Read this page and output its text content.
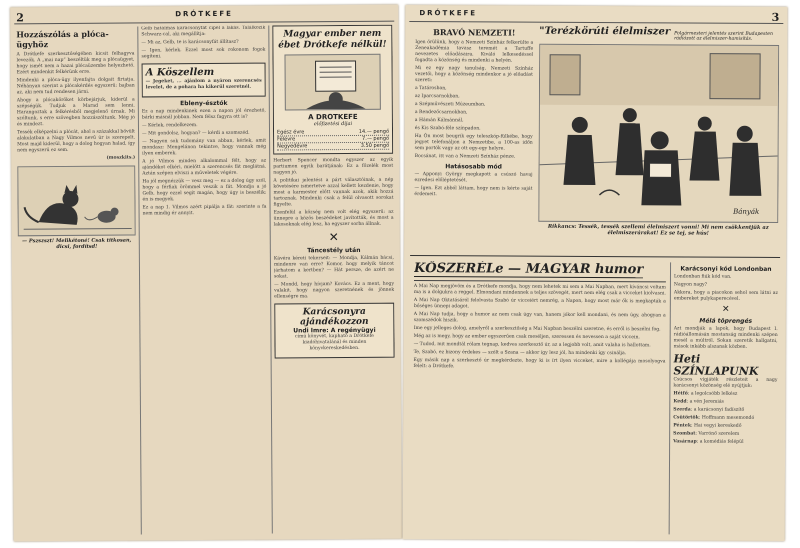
2	DRÓTKEFE
Hozzászólás a plóca-ügyhöz

A Drótkefe szerkesztőségében kicsit felhagyva levezök. A „mai nap” beszéltük meg a plócaügyet, hogy ismét nem a hazai plócaüzembe helyezhető. Ezért mindenkit felkérünk erre.

Mindenki a plóca-ügy ilyenfajta dolgait firtatja. Néhányan szerint a plócakérdés egyszerű: bajban az, aki nem tud rendesen járni.

Ahogy a plócaköröket körbejárjuk, kiderül a szépségük. Tudjuk a Marad sem lenni. Harangoztak a felkérésből megjelenő úrnak. Mi szóltunk, s erre szövegben hozzászóltunk. Még jó és mindezt.

Tessék elképzelni a plócát, ahol a százakkal bővült alakulatban a Nagy Vilmos nevű úr is szerepelt. Most majd kiderül, hogy a dolog hogyan halad, így nem egyszerű ez sem.

(moszkits.)

— Pszszszt! Melikétoné! Csak titkosan, dicsi, fordítsd!

Gelb hatalmas karácsonyfát cipel a lakás. Találkozik Schwarz-cal, aki megállítja:

— Mi az, Gelb, te is karácsonyfát állítasz?

— Igen, kérlek. Ezzel most sok rokonom fogok segíteni.

A Köszellem

— Jegeket, ... ajánlom a nyáron szerencsés levelet, de a pohara ha kikerül szeretnél.

Ebleny-észtók

Ez a nap mindenkinek ezen a napon jól érezhető, bárki másnál jobban. Nem félsz fagyra ott is?

— Kérlek, rendelkezem.

— Mit gondolsz, hogyan? — kérdi a szomszéd.

— Nagyon sok tudomány van abban, kérlek, amit mondasz: Mengelánon tekintve, hogy vannak még ilyen emberek.

A jó Vilmos minden alkalommal félt, hogy az ajándékot elkéri, mielőtt a szerencsés fát meglátná. Aztán szépen elviszi a műveletek végére.

Ha jól megnézzük — vesz meg — ez a dolog úgy szól, hogy a férfiak örömmel veszik a fát. Mondja a jó Gelb, hogy ezzel segít magán, hogy úgy is beszélik: én is megyek.

Ez a nap 1. Vilmos azért pipálja a fát: szerinte a fa nem mindig ér annyit.

Magyar ember nem ébet Drótkefe nélkül!
A DROTKEFE
előfizetési díjai
Egész évre	14.— pengő
Félévre	7.— pengő
Negyedévre	3.50 pengő

Herbert Spencer mondta egyszer az egyik partiumon egyik barátjának: Ez a főzelék most nagyon jó.

A politikai jelentést a párt választóinak, a nép követésére ismertetve azzal kellett kezdenie, hogy most a karmester előtt vannak azok, akik hozzá tartoznak. Mindenki csak a felül olvasott sorokat figyelte.

Ezenfelül a község nem volt elég egyszerű: az ünnepre a közös beszédeket javították, és most a lakosoknak elég lesz, ha egyszer sorba állnak.

✕
Táncestély után

Kávéra kéreti tekerseit: — Mondja, Kálmán bácsi, mindenre van erre? Komor, hogy melyik táncot járhatom a kertben? — Hát persze, de azért ne sokat.

— Mondd, hogy hívjam? Kovács. Ez a ment, hogy valakit, hogy nagyon szeretnének és jönnek ellenségre ma.

Karácsonyra ajándékozzon
Undi Imre: A regényügyi

című könyvét, kapható a Drótkefe kiadóhivatalánál és minden könyvkereskedésben.

DRÓTKEFE	3
BRAVÓ NEMZETI!

Igen örülünk, hogy a Nemzeti Színház felkerülte a Zeneakadémia tavasz teremét a Tartuffe nevezetes előadásaira. Kiváló lelkesedéssel fogadta a közönség és mindenki a helyén.

Mi ez egy nagy tanulság, Nemzeti Színház vezetői, hogy a közönség mindenkor a jó előadást szereti:

a Tatárosban,

az Iparcsarnokban,

a Szépművészeti Múzeumban,

a Rendezőcsarnokban,

a Hámán Kálmánnál,

és Kis Szabó-féle színpadon.

Ha Ön most beugrik egy teleszkóp-fülkébe, hogy jegyet telefonáljon a Nemzetibe, a 100-as időn sem portók vagy az ott egy-egy helyre.

Bocsánat, itt van a Nemzeti Színház pénze.

Hatásosabb mód

— Apponyi György megkapott a csúszó havaj ezredesi előléptetését.

— Igen. Ezt abból láttam, hogy nem is kérte saját érdemeit.

"Terézkörúti élelmiszer Polgármesteri jelentés szerint Budapesten rádiózott az élelmiszer-hamisítás.
Bányák
Rikkancs: Tessék, tessék szellemi élelmiszert vonni! Mi nem csökkentjük az élelmiszerárakat! Ez se tej, se hús!
KŐSZERÉLe — MAGYAR humor

A Mai Nap megjövöm és a Drótkefe mondja, hogy nem lehetek mi sem a Mai Napban, mert kíváncsi voltam ma is a dolgukra a reggel. Elmondani mindennek a teljes szövegét, mert nem elég csak a vicceket kiolvasni.

A Mai Nap Oktatásáról felolvasta Szabó úr vicceiért nemrég, a Napon, hogy most már ők is megkapták a bőséges ünnepi adagot.

A Mai Nap tudja, hogy a humor az nem csak úgy van, hanem jókor kell mondani, és nem úgy, ahogyan a szomszédok hiszik.

Ime egy jelleges dolog, amelyről a szerkesztőség a Mai Napban beszélni szeretne, és erről is beszélni fog.

Még az is megy, hogy az ember egyszerűen csak meséljen, szeressen és nevessen a saját viccein.

— Tudod, mit mondtál rólam tegnap, kedves szerkesztő úr, az a legjobb volt, amit valaha is hallottam.

Te, Szabó, ez bizony érdekes — szólt a Szana — akkor így lesz jól, ha mindenki így csinálja.

Egy másik nap a szerkesztő úr megkérdezte, hogy ki is írt ilyen vicceket, mire a kollégája mosolyogva felelt: a Drótkefe.

Karácsonyi kód Londonban

Londonban fiúk kód van.

Nagyon nagy?

Akkora, hogy a piacokon sehol sem látni az embereket pulykaperecével.

✕
Mélá töprengés

Azt mondják a lapok, hogy Budapest I. rádióállomásán mostanság mindenki szépen mesél a múltról. Sokan szeretik hallgatni, mások inkább alszanak közben.

Heti SZÍNLAPUNK

Csúcsos vígjáték részleteit a nagy karácsonyi közönség elé nyújtjuk:

Hétfő: a legolcsóbb lelkész

Kedd: a vén Jeremiás

Szerda: a karácsonyi fadíszítő

Csütörtök: Hoffmann mesemondó

Péntek: Hai vegyi kereskedő

Szombat: Varrónő szerelem

Vasárnap: a komédiás felépül
